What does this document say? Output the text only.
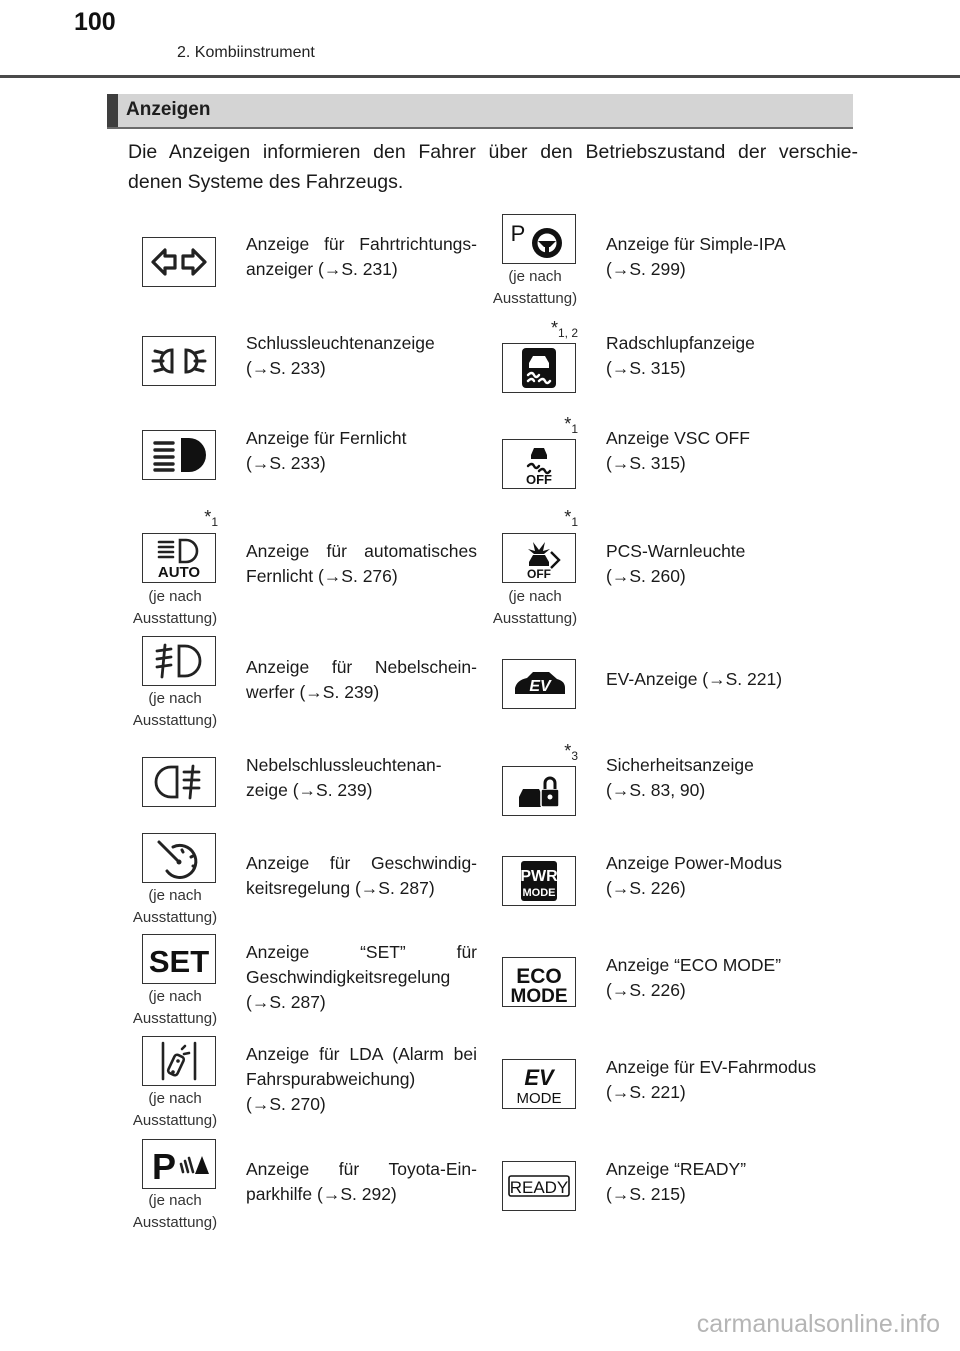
100
2. Kombiinstrument
Anzeigen
Die Anzeigen informieren den Fahrer über den Betriebszustand der verschie-
denen Systeme des Fahrzeugs.
Anzeige für Fahrtrichtungs-
anzeiger (→S. 231)
Schlussleuchtenanzeige
(→S. 233)
Anzeige für Fernlicht
(→S. 233)
$*_1$
AUTO
(je nach
Ausstattung)
Anzeige für automatisches
Fernlicht (→S. 276)
(je nach
Ausstattung)
Anzeige für Nebelschein-
werfer (→S. 239)
Nebelschlussleuchtenan-
zeige (→S. 239)
(je nach
Ausstattung)
Anzeige für Geschwindig-
keitsregelung (→S. 287)
SET
(je nach
Ausstattung)
Anzeige “SET” für
Geschwindigkeitsregelung
(→S. 287)
(je nach
Ausstattung)
Anzeige für LDA (Alarm bei
Fahrspurabweichung)
(→S. 270)
P
(je nach
Ausstattung)
Anzeige für Toyota-Ein-
parkhilfe (→S. 292)
P
(je nach
Ausstattung)
Anzeige für Simple-IPA
(→S. 299)
$*_{1, 2}$ Radschlupfanzeige
(→S. 315)
$*_1$
OFF
Anzeige VSC OFF
(→S. 315)
$*_1$
OFF
(je nach
Ausstattung)
PCS-Warnleuchte
(→S. 260)
EV	EV-Anzeige (→S. 221)
$*_3$ Sicherheitsanzeige
(→S. 83, 90)
PWR
MODE
Anzeige Power-Modus
(→S. 226)
ECO
MODE
Anzeige “ECO MODE”
(→S. 226)
EV
MODE
Anzeige für EV-Fahrmodus
(→S. 221)
READY
Anzeige “READY”
(→S. 215)
carmanualsonline.info
